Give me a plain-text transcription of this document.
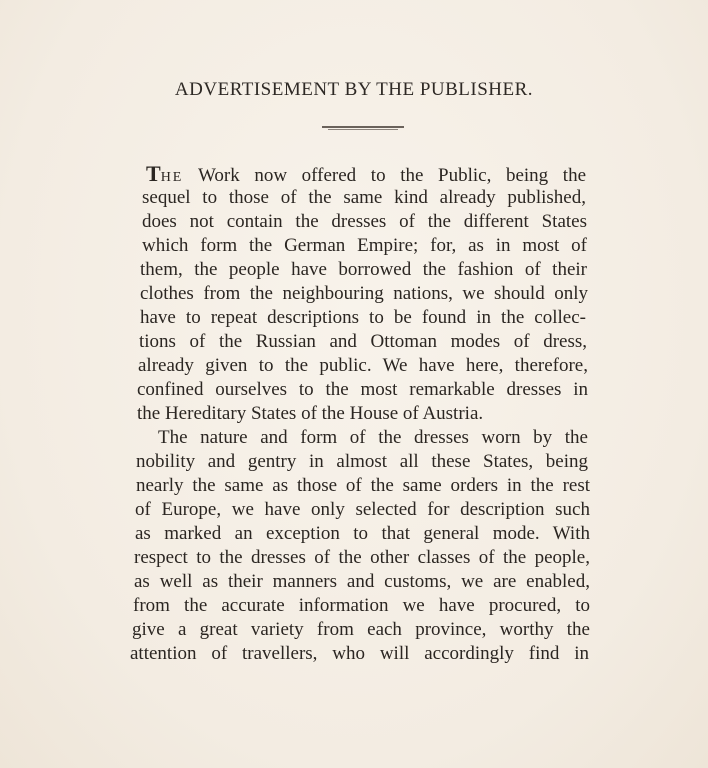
ADVERTISEMENT BY THE PUBLISHER.
THE Work now offered to the Public, being the
sequel to those of the same kind already published,
does not contain the dresses of the different States
which form the German Empire; for, as in most of
them, the people have borrowed the fashion of their
clothes from the neighbouring nations, we should only
have to repeat descriptions to be found in the collec-
tions of the Russian and Ottoman modes of dress,
already given to the public. We have here, therefore,
confined ourselves to the most remarkable dresses in
the Hereditary States of the House of Austria.
The nature and form of the dresses worn by the
nobility and gentry in almost all these States, being
nearly the same as those of the same orders in the rest
of Europe, we have only selected for description such
as marked an exception to that general mode. With
respect to the dresses of the other classes of the people,
as well as their manners and customs, we are enabled,
from the accurate information we have procured, to
give a great variety from each province, worthy the
attention of travellers, who will accordingly find in
